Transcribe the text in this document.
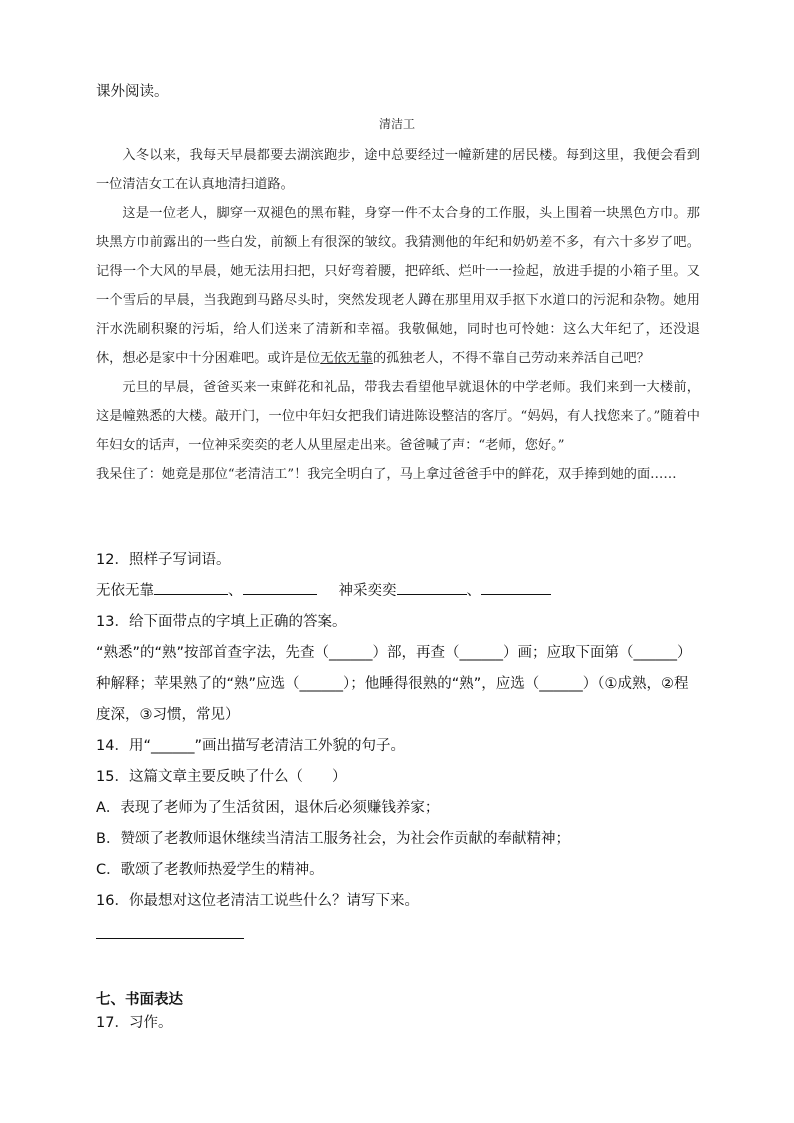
课外阅读。
清洁工

入冬以来，我每天早晨都要去湖滨跑步，途中总要经过一幢新建的居民楼。每到这里，我便会看到一位清洁女工在认真地清扫道路。

这是一位老人，脚穿一双褪色的黑布鞋，身穿一件不太合身的工作服，头上围着一块黑色方巾。那块黑方巾前露出的一些白发，前额上有很深的皱纹。我猜测他的年纪和奶奶差不多，有六十多岁了吧。记得一个大风的早晨，她无法用扫把，只好弯着腰，把碎纸、烂叶一一捡起，放进手提的小箱子里。又一个雪后的早晨，当我跑到马路尽头时，突然发现老人蹲在那里用双手抠下水道口的污泥和杂物。她用汗水洗刷积聚的污垢，给人们送来了清新和幸福。我敬佩她，同时也可怜她：这么大年纪了，还没退休，想必是家中十分困难吧。或许是位无依无靠的孤独老人，不得不靠自己劳动来养活自己吧？

元旦的早晨，爸爸买来一束鲜花和礼品，带我去看望他早就退休的中学老师。我们来到一大楼前，这是幢熟悉的大楼。敲开门，一位中年妇女把我们请进陈设整洁的客厅。“妈妈，有人找您来了。”随着中年妇女的话声，一位神采奕奕的老人从里屋走出来。爸爸喊了声：“老师，您好。”

我呆住了：她竟是那位“老清洁工”！我完全明白了，马上拿过爸爸手中的鲜花，双手捧到她的面……

12．照样子写词语。
无依无靠	、	神采奕奕	、
13．给下面带点的字填上正确的答案。
“熟悉”的“熟”按部首查字法，先查（______）部，再查（______）画；应取下面第（______）
种解释；苹果熟了的“熟”应选（______）；他睡得很熟的“熟”，应选（______）（①成熟，②程
度深，③习惯，常见）
14．用“______”画出描写老清洁工外貌的句子。
15．这篇文章主要反映了什么（　　）
A．表现了老师为了生活贫困，退休后必须赚钱养家；
B．赞颂了老教师退休继续当清洁工服务社会，为社会作贡献的奉献精神；
C．歌颂了老教师热爱学生的精神。
16．你最想对这位老清洁工说些什么？请写下来。
七、书面表达
17．习作。
